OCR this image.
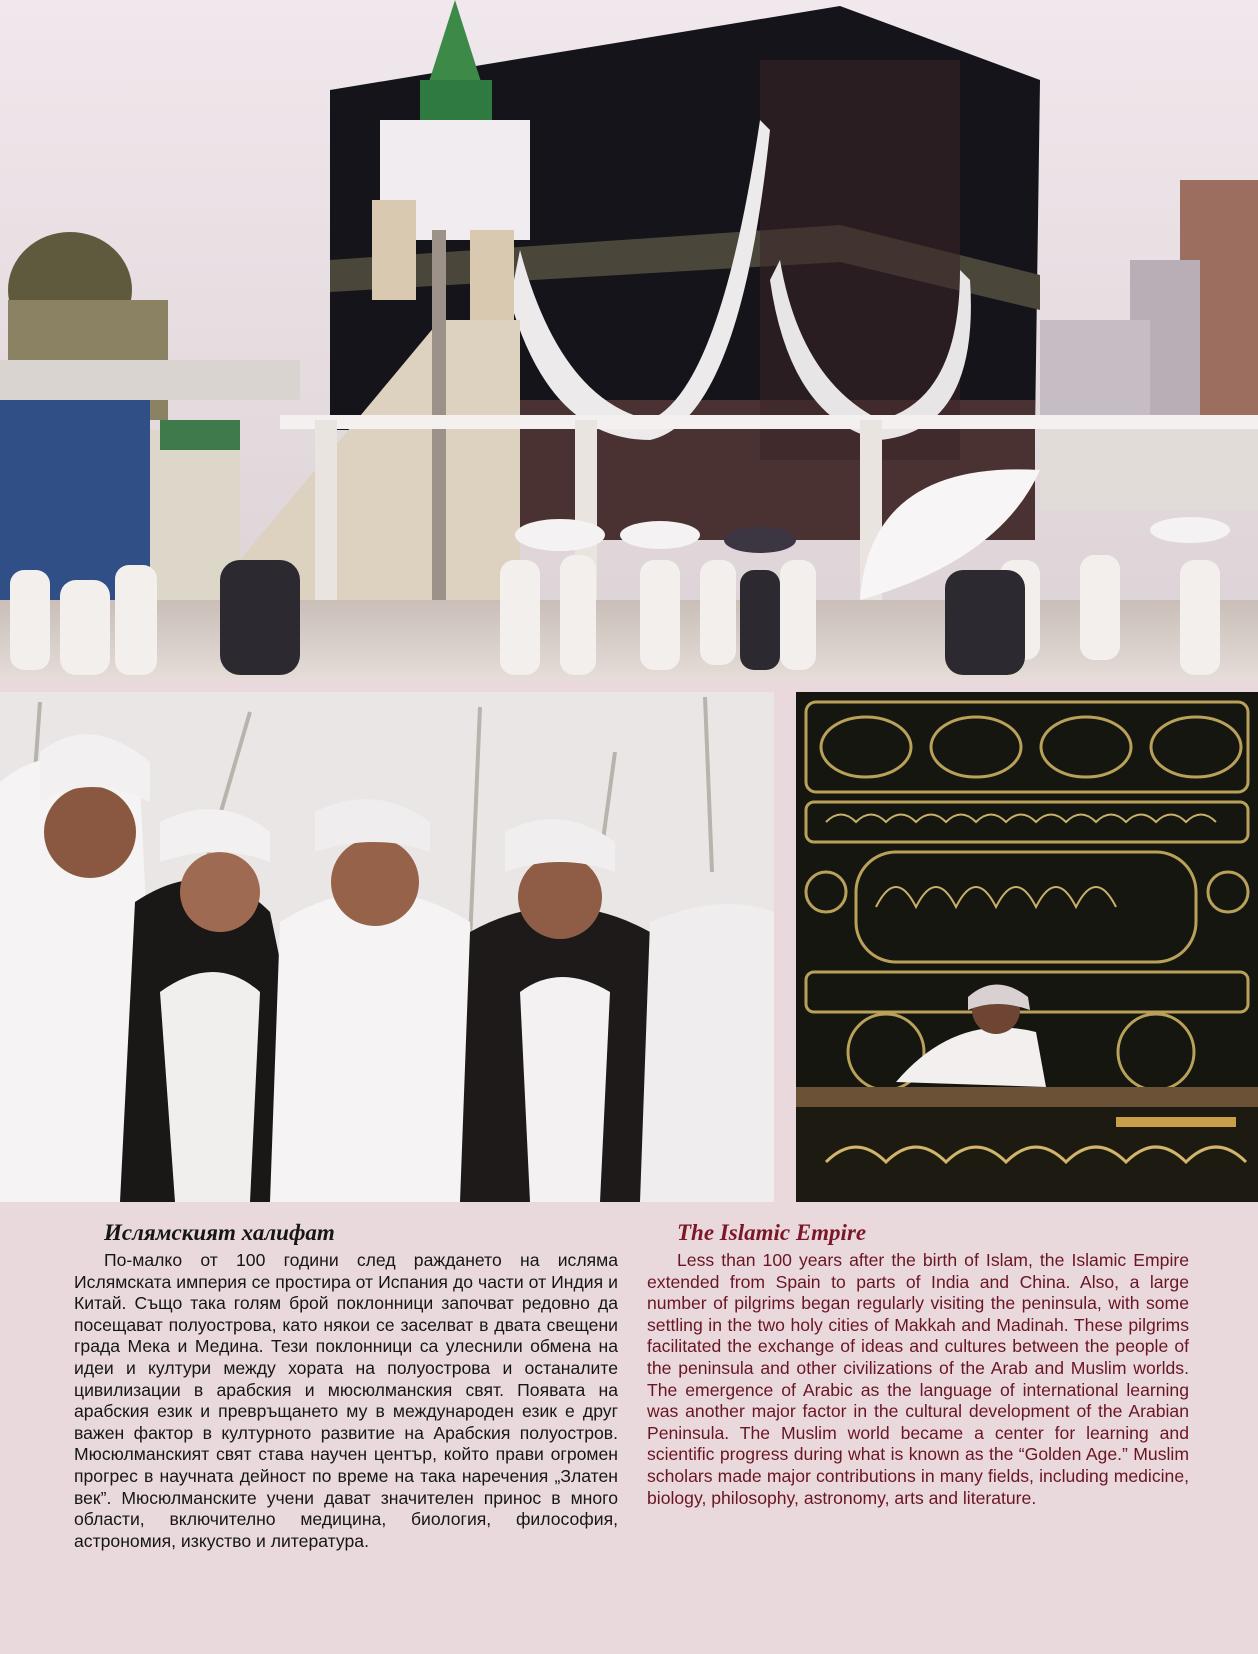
Ислямският халифат

По-малко от 100 години след раждането на исляма Ислямската империя се простира от Испания до части от Индия и Китай. Също така голям брой поклонници започват редовно да посещават полуострова, като някои се заселват в двата свещени града Мека и Медина. Тези поклонници са улеснили обмена на идеи и култури между хората на полуострова и останалите цивилизации в арабския и мюсюлманския свят. Появата на арабския език и превръщането му в международен език е друг важен фактор в културното развитие на Арабския полуостров. Мюсюлманският свят става научен център, който прави огромен прогрес в научната дейност по време на така наречения „Златен век”. Мюсюлманските учени дават значителен принос в много области, включително медицина, биология, философия, астрономия, изкуство и литература.

The Islamic Empire

Less than 100 years after the birth of Islam, the Islamic Empire extended from Spain to parts of India and China. Also, a large number of pilgrims began regularly visiting the peninsula, with some settling in the two holy cities of Makkah and Madinah. These pilgrims facilitated the exchange of ideas and cultures between the people of the peninsula and other civilizations of the Arab and Muslim worlds. The emergence of Arabic as the language of international learning was another major factor in the cultural development of the Arabian Peninsula. The Muslim world became a center for learning and scientific progress during what is known as the “Golden Age.” Muslim scholars made major contributions in many fields, including medicine, biology, philosophy, astronomy, arts and literature.
